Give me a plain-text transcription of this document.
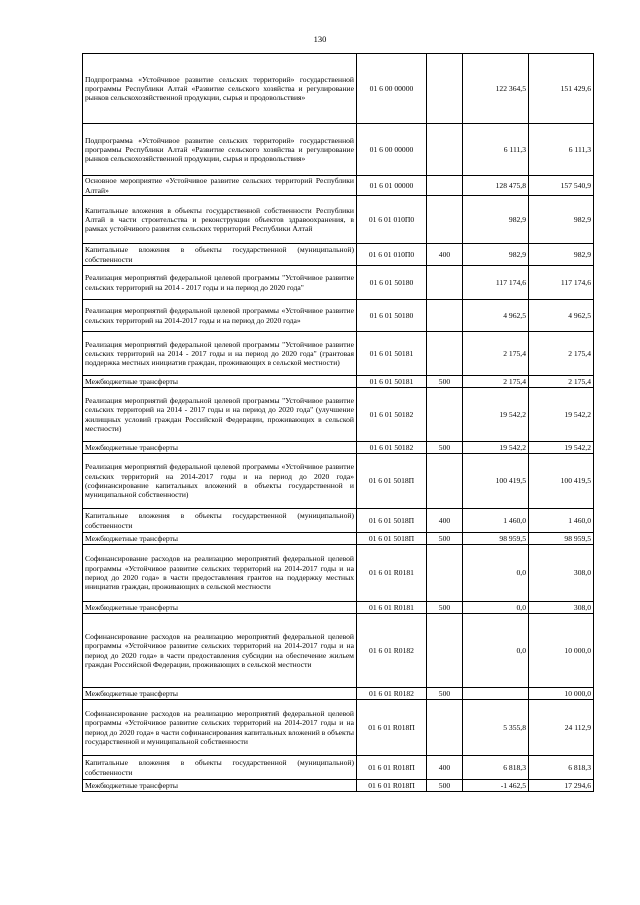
130
Подпрограмма «Устойчивое развитие сельских территорий» государственной программы Республики Алтай «Развитие сельского хозяйства и регулирование рынков сельскохозяйственной продукции, сырья и продовольствия»	01 6 00 00000		122 364,5	151 429,6
Подпрограмма «Устойчивое развитие сельских территорий» государственной программы Республики Алтай «Развитие сельского хозяйства и регулирование рынков сельскохозяйственной продукции, сырья и продовольствия»	01 6 00 00000		6 111,3	6 111,3
Основное мероприятие «Устойчивое развитие сельских территорий Республики Алтай»	01 6 01 00000		128 475,8	157 540,9
Капитальные вложения в объекты государственной собственности Республики Алтай в части строительства и реконструкции объектов здравоохранения, в рамках устойчивого развития сельских территорий Республики Алтай	01 6 01 010П0		982,9	982,9
Капитальные вложения в объекты государственной (муниципальной) собственности	01 6 01 010П0	400	982,9	982,9
Реализация мероприятий федеральной целевой программы "Устойчивое развитие сельских территорий на 2014 - 2017 годы и на период до 2020 года"	01 6 01 50180		117 174,6	117 174,6
Реализация мероприятий федеральной целевой программы «Устойчивое развитие сельских территорий на 2014-2017 годы и на период до 2020 года»	01 6 01 50180		4 962,5	4 962,5
Реализация мероприятий федеральной целевой программы "Устойчивое развитие сельских территорий на 2014 - 2017 годы и на период до 2020 года" (грантовая поддержка местных инициатив граждан, проживающих в сельской местности)	01 6 01 50181		2 175,4	2 175,4
Межбюджетные трансферты	01 6 01 50181	500	2 175,4	2 175,4
Реализация мероприятий федеральной целевой программы "Устойчивое развитие сельских территорий на 2014 - 2017 годы и на период до 2020 года" (улучшение жилищных условий граждан Российской Федерации, проживающих в сельской местности)	01 6 01 50182		19 542,2	19 542,2
Межбюджетные трансферты	01 6 01 50182	500	19 542,2	19 542,2
Реализация мероприятий федеральной целевой программы «Устойчивое развитие сельских территорий на 2014-2017 годы и на период до 2020 года» (софинансирование капитальных вложений в объекты государственной и муниципальной собственности)	01 6 01 5018П		100 419,5	100 419,5
Капитальные вложения в объекты государственной (муниципальной) собственности	01 6 01 5018П	400	1 460,0	1 460,0
Межбюджетные трансферты	01 6 01 5018П	500	98 959,5	98 959,5
Софинансирование расходов на реализацию мероприятий федеральной целевой программы «Устойчивое развитие сельских территорий на 2014-2017 годы и на период до 2020 года» в части предоставления грантов на поддержку местных инициатив граждан, проживающих в сельской местности	01 6 01 R0181		0,0	308,0
Межбюджетные трансферты	01 6 01 R0181	500	0,0	308,0
Софинансирование расходов на реализацию мероприятий федеральной целевой программы «Устойчивое развитие сельских территорий на 2014-2017 годы и на период до 2020 года» в части предоставления субсидии на обеспечение жильем граждан Российской Федерации, проживающих в сельской местности	01 6 01 R0182		0,0	10 000,0
Межбюджетные трансферты	01 6 01 R0182	500		10 000,0
Софинансирование расходов на реализацию мероприятий федеральной целевой программы «Устойчивое развитие сельских территорий на 2014-2017 годы и на период до 2020 года» в части софинансирования капитальных вложений в объекты государственной и муниципальной собственности	01 6 01 R018П		5 355,8	24 112,9
Капитальные вложения в объекты государственной (муниципальной) собственности	01 6 01 R018П	400	6 818,3	6 818,3
Межбюджетные трансферты	01 6 01 R018П	500	-1 462,5	17 294,6
